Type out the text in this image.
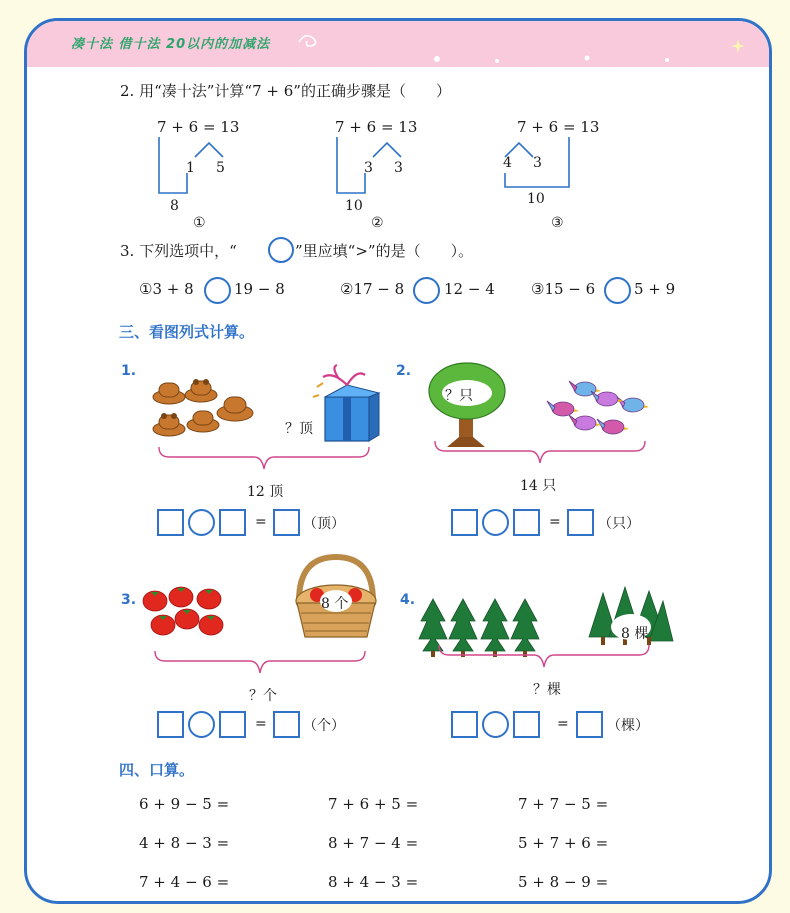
凑十法 借十法 20以内的加减法
2. 用“凑十法”计算“7 + 6”的正确步骤是（　　）
7 + 6 = 13
1 5
8
①
7 + 6 = 13
3 3
10
②
7 + 6 = 13
4 3
10
③
3. 下列选项中，“	”里应填“>”的是（　　）。
①3 + 8	19 − 8	②17 − 8	12 − 4 ③15 − 6	5 + 9
三、看图列式计算。
1.
？顶
12 顶
=	（顶）
2.
？只
14 只
=	（只）
3.	8 个
？个
=	（个）
4.
8 棵
？棵
=	（棵）
四、口算。
6 + 9 − 5 =	7 + 6 + 5 =	7 + 7 − 5 =
4 + 8 − 3 =	8 + 7 − 4 =	5 + 7 + 6 =
7 + 4 − 6 =	8 + 4 − 3 =	5 + 8 − 9 =
